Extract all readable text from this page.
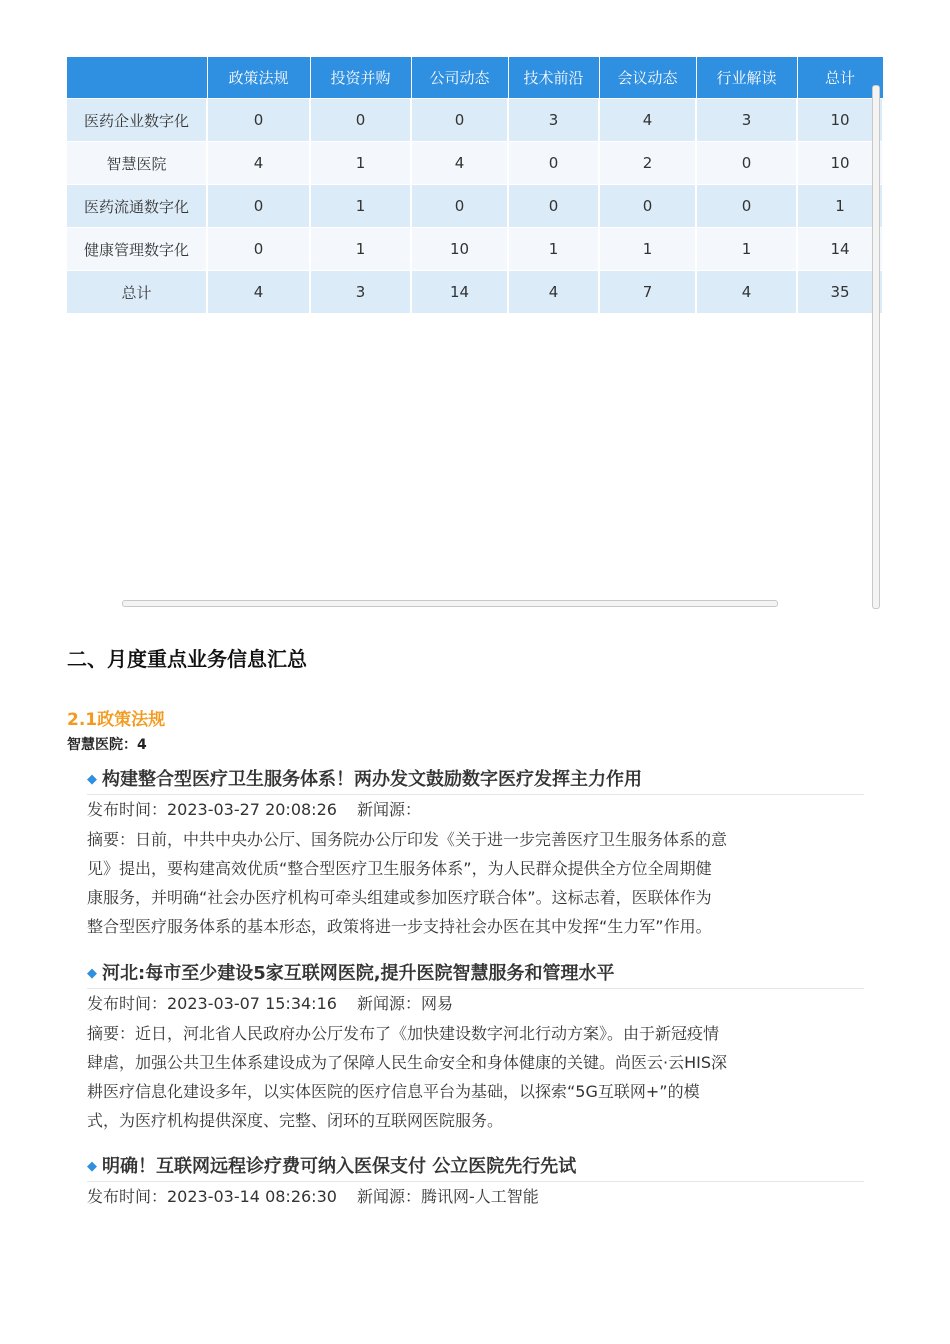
	政策法规	投资并购	公司动态	技术前沿	会议动态	行业解读	总计
医药企业数字化	0	0	0	3	4	3	10
智慧医院	4	1	4	0	2	0	10
医药流通数字化	0	1	0	0	0	0	1
健康管理数字化	0	1	10	1	1	1	14
总计	4	3	14	4	7	4	35
二、月度重点业务信息汇总
2.1政策法规
智慧医院：4
◆ 构建整合型医疗卫生服务体系！两办发文鼓励数字医疗发挥主力作用
发布时间：2023-03-27 20:08:26 新闻源：

摘要：日前，中共中央办公厅、国务院办公厅印发《关于进一步完善医疗卫生服务体系的意
见》提出，要构建高效优质“整合型医疗卫生服务体系”，为人民群众提供全方位全周期健
康服务，并明确“社会办医疗机构可牵头组建或参加医疗联合体”。这标志着，医联体作为
整合型医疗服务体系的基本形态，政策将进一步支持社会办医在其中发挥“生力军”作用。

◆ 河北:每市至少建设5家互联网医院,提升医院智慧服务和管理水平
发布时间：2023-03-07 15:34:16 新闻源：网易

摘要：近日，河北省人民政府办公厅发布了《加快建设数字河北行动方案》。由于新冠疫情
肆虐，加强公共卫生体系建设成为了保障人民生命安全和身体健康的关键。尚医云·云HIS深
耕医疗信息化建设多年，以实体医院的医疗信息平台为基础，以探索“5G互联网+”的模
式，为医疗机构提供深度、完整、闭环的互联网医院服务。

◆ 明确！互联网远程诊疗费可纳入医保支付 公立医院先行先试
发布时间：2023-03-14 08:26:30 新闻源：腾讯网-人工智能
